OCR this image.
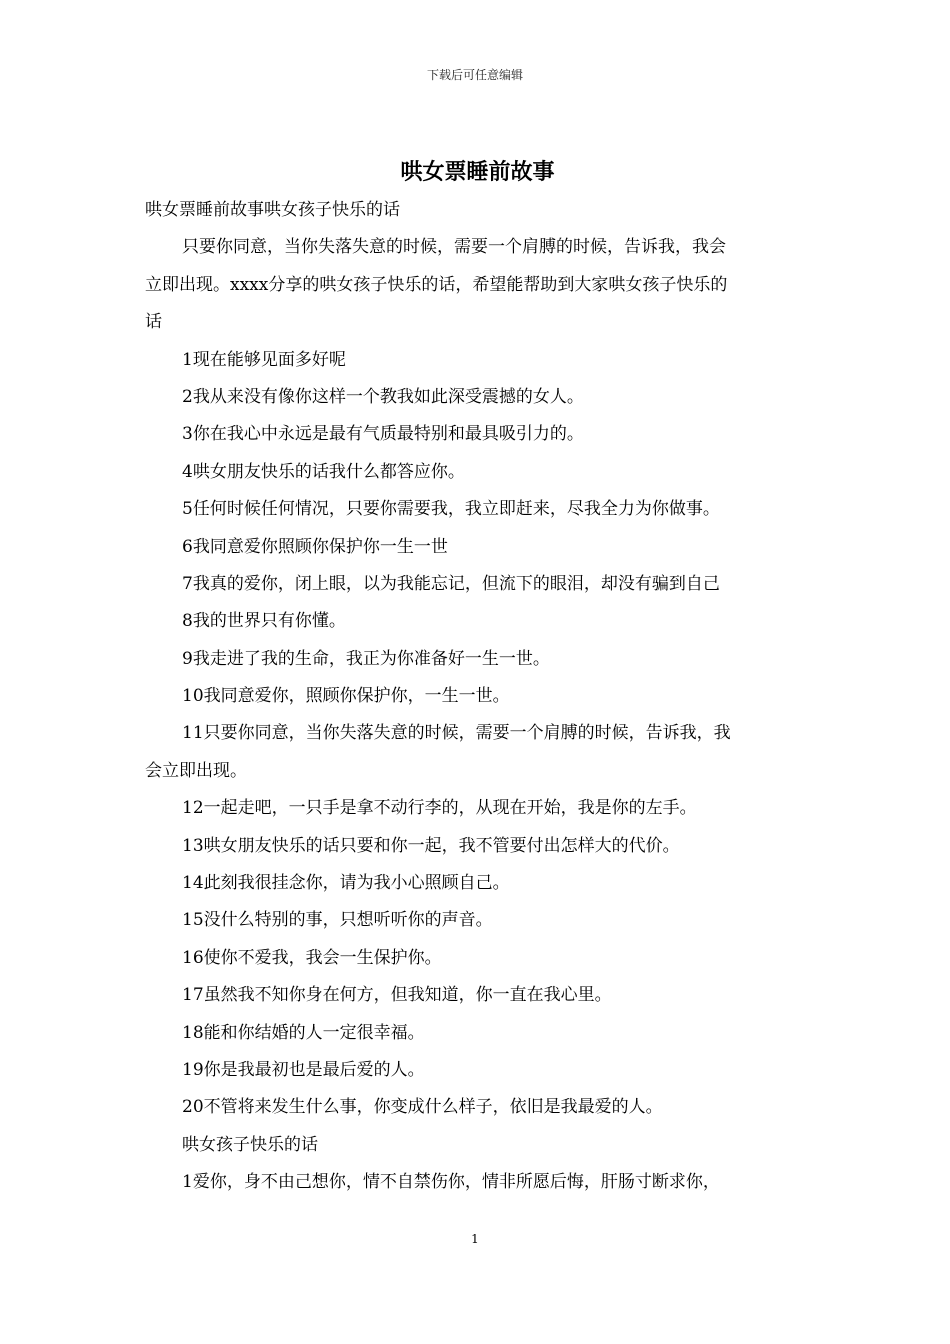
下载后可任意编辑
哄女票睡前故事

哄女票睡前故事哄女孩子快乐的话

只要你同意，当你失落失意的时候，需要一个肩膊的时候，告诉我，我会

立即出现。xxxx分享的哄女孩子快乐的话，希望能帮助到大家哄女孩子快乐的

话

1现在能够见面多好呢

2我从来没有像你这样一个教我如此深受震撼的女人。

3你在我心中永远是最有气质最特别和最具吸引力的。

4哄女朋友快乐的话我什么都答应你。

5任何时候任何情况，只要你需要我，我立即赶来，尽我全力为你做事。

6我同意爱你照顾你保护你一生一世

7我真的爱你，闭上眼，以为我能忘记，但流下的眼泪，却没有骗到自己

8我的世界只有你懂。

9我走进了我的生命，我正为你准备好一生一世。

10我同意爱你，照顾你保护你，一生一世。

11只要你同意，当你失落失意的时候，需要一个肩膊的时候，告诉我，我

会立即出现。

12一起走吧，一只手是拿不动行李的，从现在开始，我是你的左手。

13哄女朋友快乐的话只要和你一起，我不管要付出怎样大的代价。

14此刻我很挂念你，请为我小心照顾自己。

15没什么特别的事，只想听听你的声音。

16使你不爱我，我会一生保护你。

17虽然我不知你身在何方，但我知道，你一直在我心里。

18能和你结婚的人一定很幸福。

19你是我最初也是最后爱的人。

20不管将来发生什么事，你变成什么样子，依旧是我最爱的人。

哄女孩子快乐的话

1爱你，身不由己想你，情不自禁伤你，情非所愿后悔，肝肠寸断求你，

1
